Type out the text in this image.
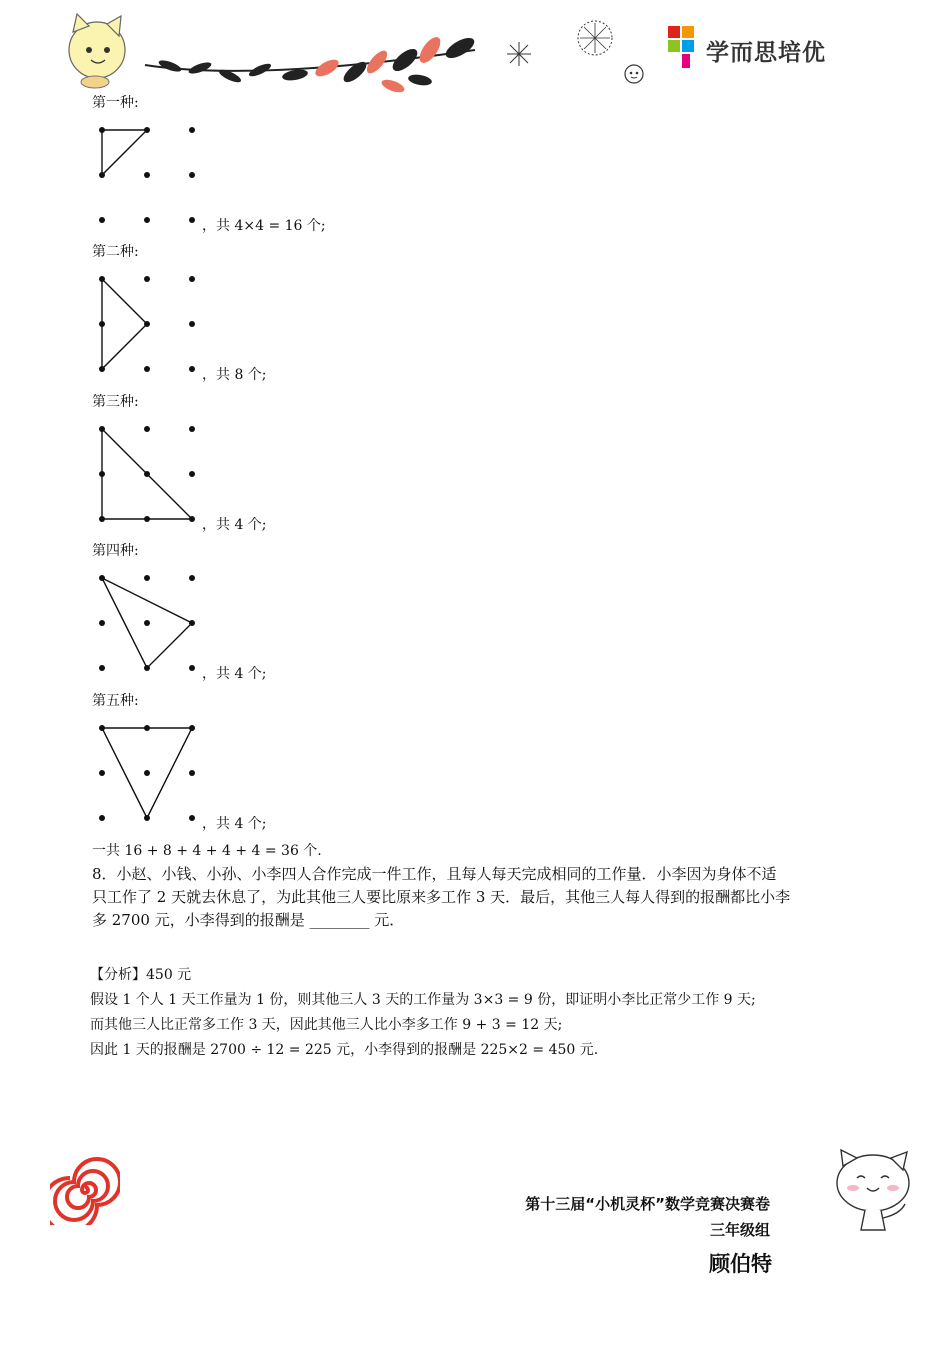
学而思培优
第一种:
，共 4×4 = 16 个;
第二种:
，共 8 个;
第三种:
，共 4 个;
第四种:
，共 4 个;
第五种:
，共 4 个;
一共 16 + 8 + 4 + 4 + 4 = 36 个.
8．小赵、小钱、小孙、小李四人合作完成一件工作，且每人每天完成相同的工作量．小李因为身体不适
只工作了 2 天就去休息了，为此其他三人要比原来多工作 3 天．最后，其他三人每人得到的报酬都比小李
多 2700 元，小李得到的报酬是 ________ 元．
【分析】450 元
假设 1 个人 1 天工作量为 1 份，则其他三人 3 天的工作量为 3×3 = 9 份，即证明小李比正常少工作 9 天;
而其他三人比正常多工作 3 天，因此其他三人比小李多工作 9 + 3 = 12 天;
因此 1 天的报酬是 2700 ÷ 12 = 225 元，小李得到的报酬是 225×2 = 450 元.
第十三届“小机灵杯”数学竞赛决赛卷
三年级组
顾伯特
